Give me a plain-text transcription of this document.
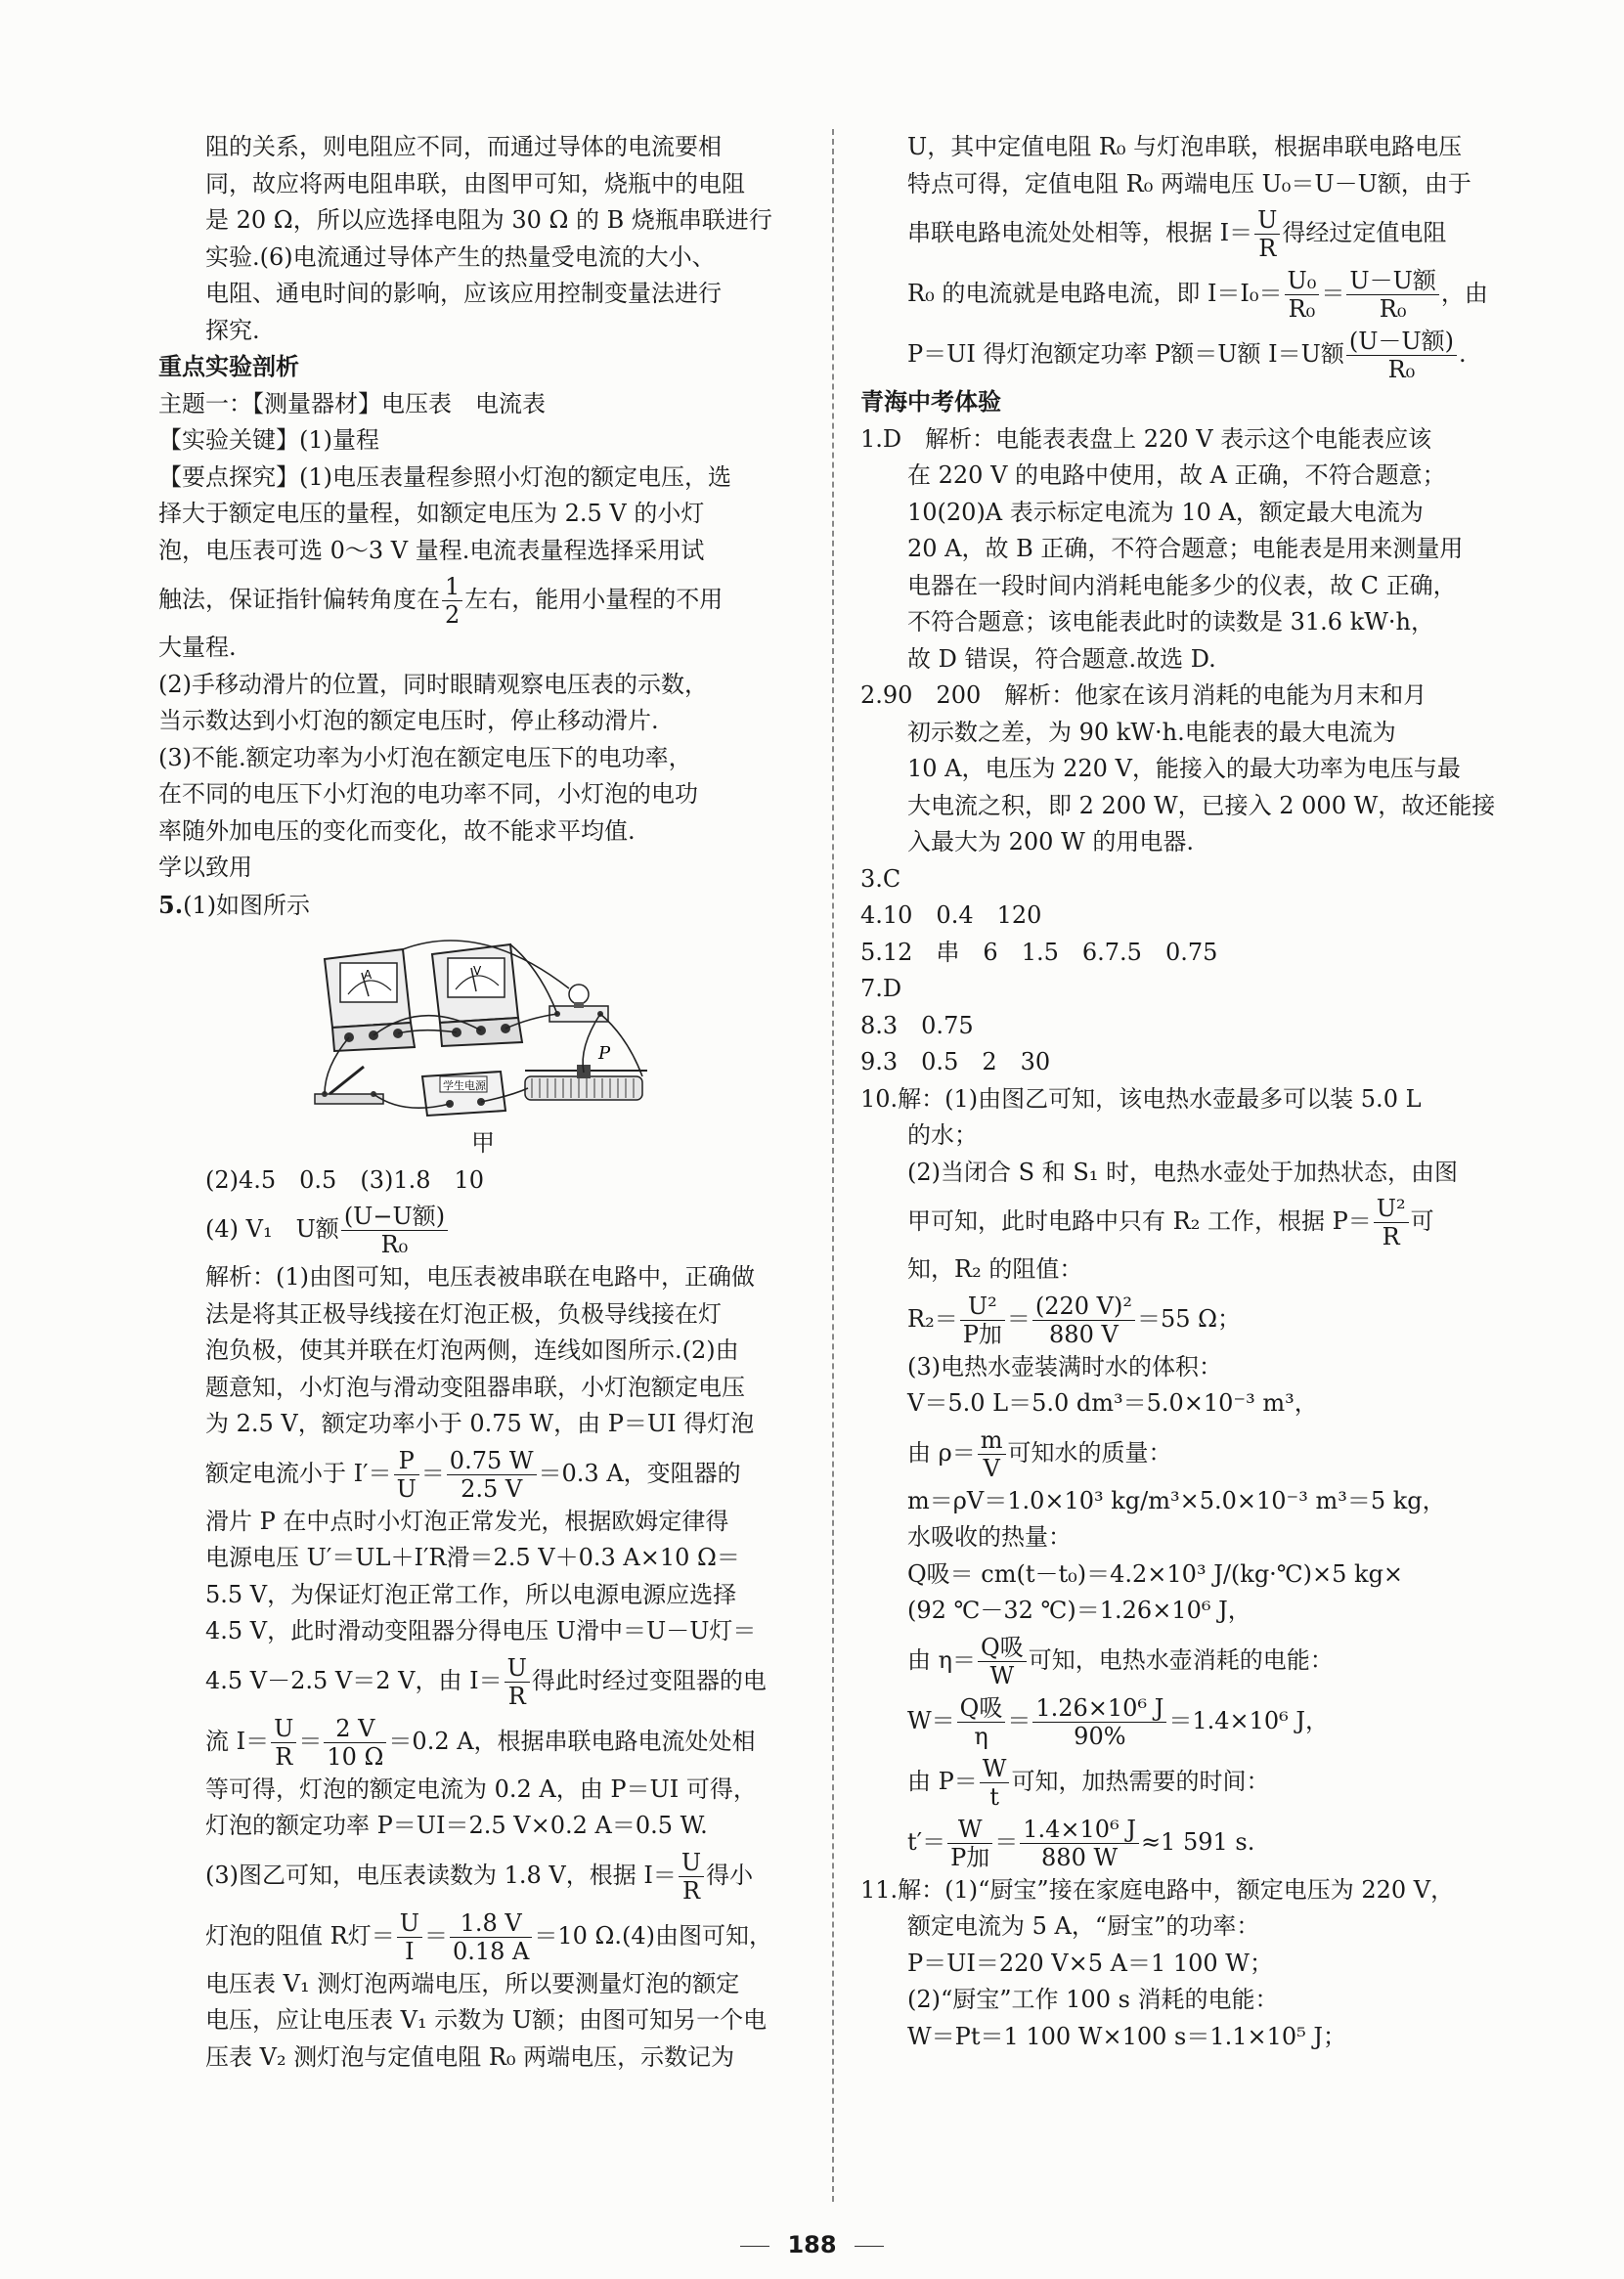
阻的关系，则电阻应不同，而通过导体的电流要相

同，故应将两电阻串联，由图甲可知，烧瓶中的电阻

是 20 Ω，所以应选择电阻为 30 Ω 的 B 烧瓶串联进行

实验.(6)电流通过导体产生的热量受电流的大小、

电阻、通电时间的影响，应该应用控制变量法进行

探究.

重点实验剖析

主题一：【测量器材】电压表　电流表

【实验关键】(1)量程

【要点探究】(1)电压表量程参照小灯泡的额定电压，选

择大于额定电压的量程，如额定电压为 2.5 V 的小灯

泡，电压表可选 0～3 V 量程.电流表量程选择采用试

触法，保证指针偏转角度在 $\frac{1}{2}$ 左右，能用小量程的不用

大量程.

(2)手移动滑片的位置，同时眼睛观察电压表的示数，

当示数达到小灯泡的额定电压时，停止移动滑片.

(3)不能.额定功率为小灯泡在额定电压下的电功率，

在不同的电压下小灯泡的电功率不同，小灯泡的电功

率随外加电压的变化而变化，故不能求平均值.

学以致用

5.(1)如图所示

A	V
学生电源
P

甲

(2)4.5　0.5　(3)1.8　10

(4) V₁　U额 $\frac{\text{(U−U额)}}{\text{R₀}}$

解析：(1)由图可知，电压表被串联在电路中，正确做

法是将其正极导线接在灯泡正极，负极导线接在灯

泡负极，使其并联在灯泡两侧，连线如图所示.(2)由

题意知，小灯泡与滑动变阻器串联，小灯泡额定电压

为 2.5 V，额定功率小于 0.75 W，由 P＝UI 得灯泡

额定电流小于 $I'= \frac{P}{U} = \frac{0.75 W}{2.5 V} =0.3$ A，变阻器的

滑片 P 在中点时小灯泡正常发光，根据欧姆定律得

电源电压 U′＝UL＋I′R滑＝2.5 V＋0.3 A×10 Ω＝

5.5 V，为保证灯泡正常工作，所以电源电源应选择

4.5 V，此时滑动变阻器分得电压 U滑中＝U－U灯＝

4.5 V－2.5 V＝2 V，由 $I= \frac{U}{R}$ 得此时经过变阻器的电

流 $I= \frac{U}{R} = \frac{2 V}{10 \Omega} =0.2$ A，根据串联电路电流处处相

等可得，灯泡的额定电流为 0.2 A，由 P＝UI 可得，

灯泡的额定功率 P＝UI＝2.5 V×0.2 A＝0.5 W.

(3)图乙可知，电压表读数为 1.8 V，根据 $I= \frac{U}{R}$ 得小

灯泡的阻值 R灯＝ $\frac{U}{I} = \frac{1.8 V}{0.18 A} =10$ Ω.(4)由图可知，

电压表 V₁ 测灯泡两端电压，所以要测量灯泡的额定

电压，应让电压表 V₁ 示数为 U额；由图可知另一个电

压表 V₂ 测灯泡与定值电阻 R₀ 两端电压，示数记为

U，其中定值电阻 R₀ 与灯泡串联，根据串联电路电压

特点可得，定值电阻 R₀ 两端电压 U₀＝U－U额，由于

串联电路电流处处相等，根据 $I= \frac{U}{R}$ 得经过定值电阻

R₀ 的电流就是电路电流，即 $I=I_0= \frac{\text{U₀}}{\text{R₀}} = \frac{\text{U－U额}}{\text{R₀}}$ ，由

P＝UI 得灯泡额定功率 P额＝U额 I＝U额 $\frac{\text{(U－U额)}}{\text{R₀}}$ .

青海中考体验

1.D　解析：电能表表盘上 220 V 表示这个电能表应该

在 220 V 的电路中使用，故 A 正确，不符合题意；

10(20)A 表示标定电流为 10 A，额定最大电流为

20 A，故 B 正确，不符合题意；电能表是用来测量用

电器在一段时间内消耗电能多少的仪表，故 C 正确，

不符合题意；该电能表此时的读数是 31.6 kW·h，

故 D 错误，符合题意.故选 D.

2.90　200　解析：他家在该月消耗的电能为月末和月

初示数之差，为 90 kW·h.电能表的最大电流为

10 A，电压为 220 V，能接入的最大功率为电压与最

大电流之积，即 2 200 W，已接入 2 000 W，故还能接

入最大为 200 W 的用电器.

3.C

4.10　0.4　120

5.12　串　6　1.5　6.7.5　0.75

7.D

8.3　0.75

9.3　0.5　2　30

10.解：(1)由图乙可知，该电热水壶最多可以装 5.0 L

的水；

(2)当闭合 S 和 S₁ 时，电热水壶处于加热状态，由图

甲可知，此时电路中只有 R₂ 工作，根据 $P= \frac{\text{U²}}{R}$ 可

知，R₂ 的阻值：

$R_2= \frac{\text{U²}}{\text{P加}} = \frac{\text{(220 V)²}}{880 V} =55$ Ω；

(3)电热水壶装满时水的体积：

V＝5.0 L＝5.0 dm³＝5.0×10⁻³ m³，

由 $\rho= \frac{m}{V}$ 可知水的质量：

m＝ρV＝1.0×10³ kg/m³×5.0×10⁻³ m³＝5 kg，

水吸收的热量：

Q吸＝ cm(t－t₀)＝4.2×10³ J/(kg·℃)×5 kg×

(92 ℃－32 ℃)＝1.26×10⁶ J，

由 $\eta= \frac{\text{Q吸}}{W}$ 可知，电热水壶消耗的电能：

$W= \frac{\text{Q吸}}{\eta} = \frac{\text{1.26×10⁶ J}}{90\%} =1.4\times 10^6$ J，

由 $P= \frac{W}{t}$ 可知，加热需要的时间：

$t'= \frac{W}{\text{P加}} = \frac{\text{1.4×10⁶ J}}{880 W} \approx 1$ 591 s.

11.解：(1)“厨宝”接在家庭电路中，额定电压为 220 V，

额定电流为 5 A，“厨宝”的功率：

P＝UI＝220 V×5 A＝1 100 W；

(2)“厨宝”工作 100 s 消耗的电能：

W＝Pt＝1 100 W×100 s＝1.1×10⁵ J；

188
